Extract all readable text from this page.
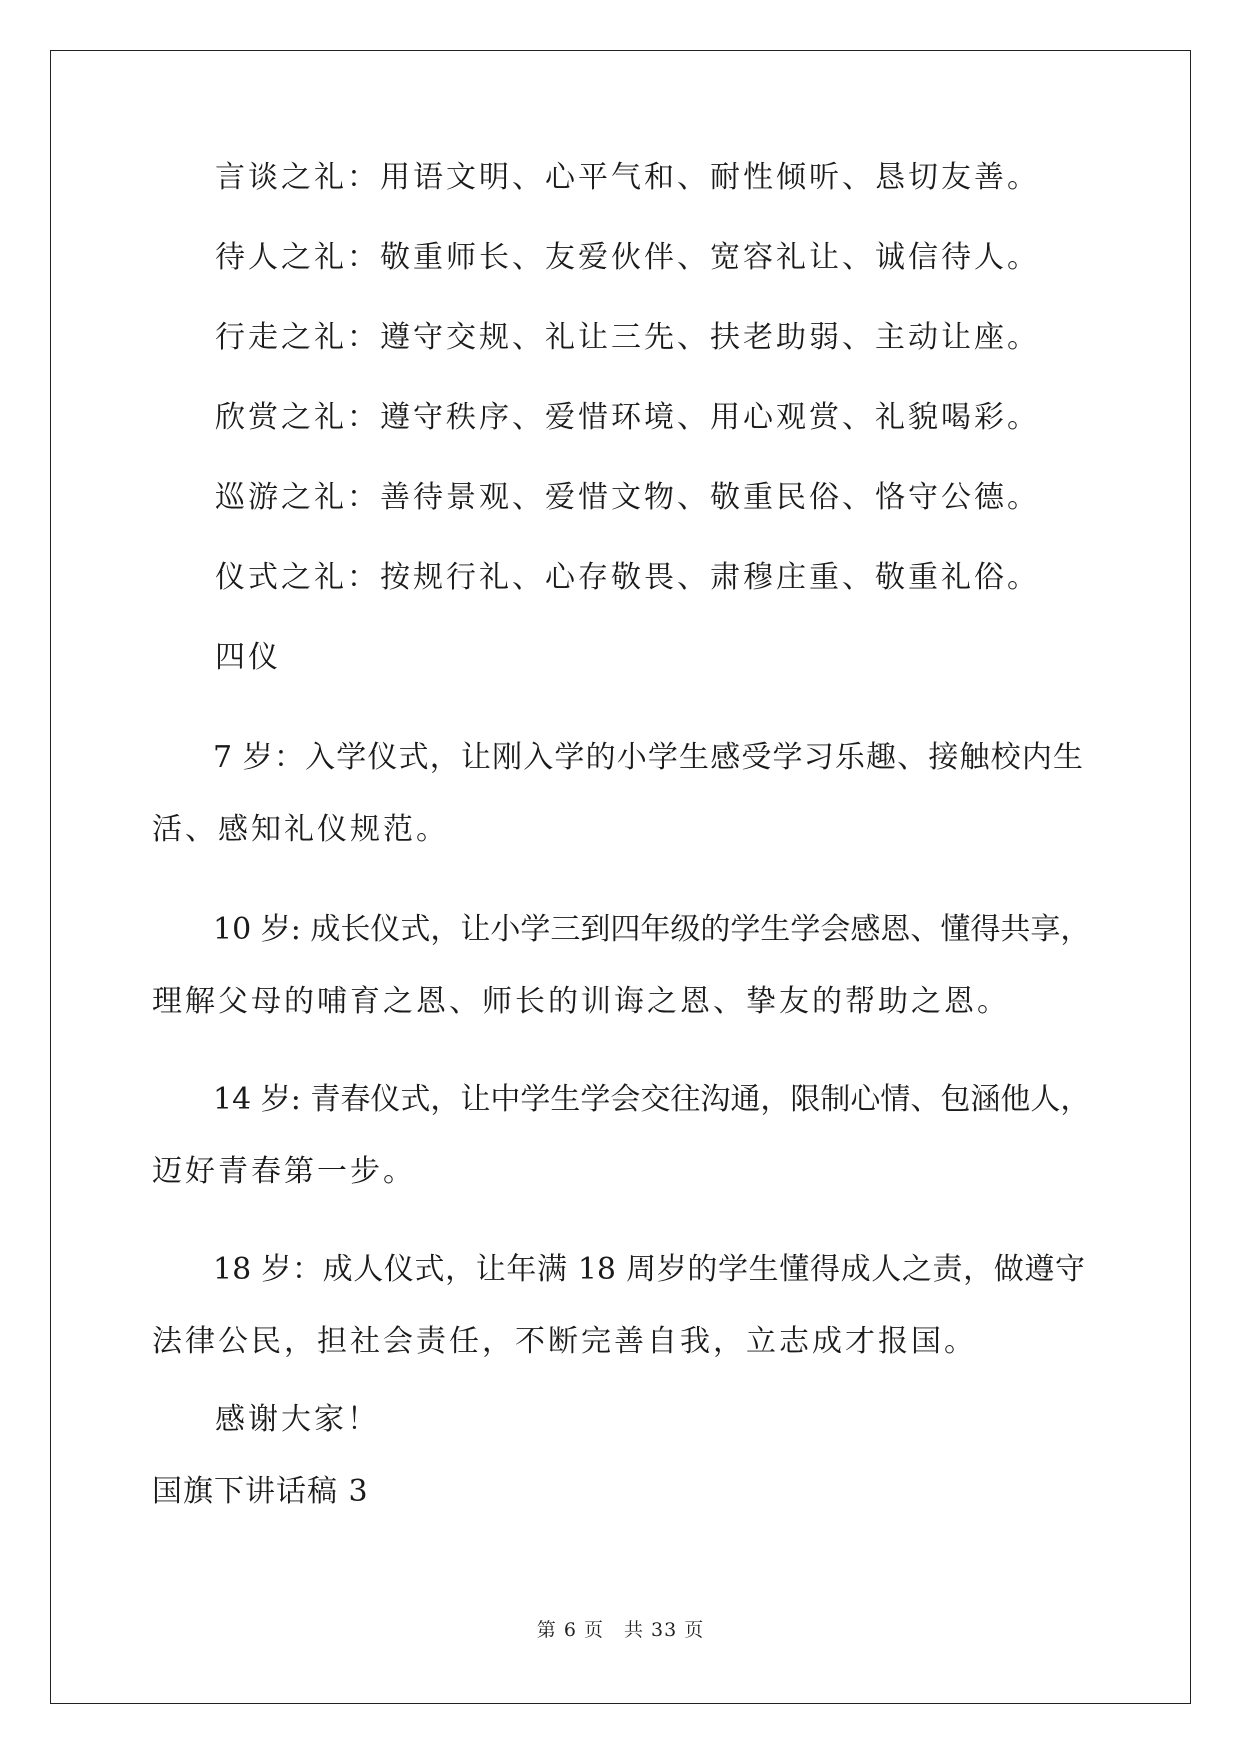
言谈之礼：用语文明、心平气和、耐性倾听、恳切友善。
待人之礼：敬重师长、友爱伙伴、宽容礼让、诚信待人。
行走之礼：遵守交规、礼让三先、扶老助弱、主动让座。
欣赏之礼：遵守秩序、爱惜环境、用心观赏、礼貌喝彩。
巡游之礼：善待景观、爱惜文物、敬重民俗、恪守公德。
仪式之礼：按规行礼、心存敬畏、肃穆庄重、敬重礼俗。
四仪
7 岁：入学仪式，让刚入学的小学生感受学习乐趣、接触校内生
活、感知礼仪规范。
10 岁: 成长仪式，让小学三到四年级的学生学会感恩、懂得共享，
理解父母的哺育之恩、师长的训诲之恩、挚友的帮助之恩。
14 岁: 青春仪式，让中学生学会交往沟通，限制心情、包涵他人，
迈好青春第一步。
18 岁：成人仪式，让年满 18 周岁的学生懂得成人之责，做遵守
法律公民，担社会责任，不断完善自我，立志成才报国。
感谢大家！
国旗下讲话稿 3
第 6 页　共 33 页
